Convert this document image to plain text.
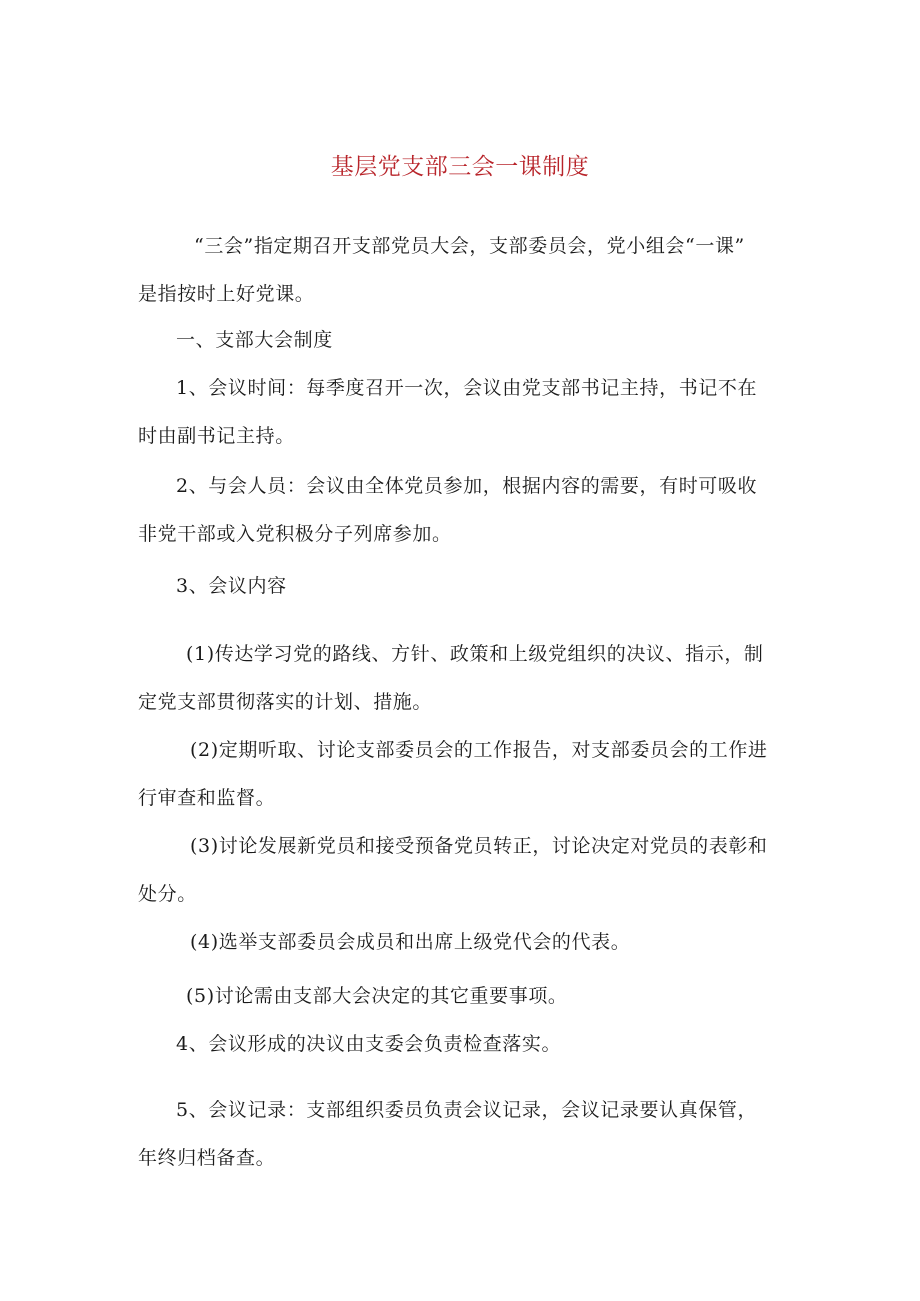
基层党支部三会一课制度
“三会”指定期召开支部党员大会，支部委员会，党小组会“一课”
是指按时上好党课。
一、支部大会制度
1、会议时间：每季度召开一次，会议由党支部书记主持，书记不在
时由副书记主持。
2、与会人员：会议由全体党员参加，根据内容的需要，有时可吸收
非党干部或入党积极分子列席参加。
3、会议内容
(1)传达学习党的路线、方针、政策和上级党组织的决议、指示，制
定党支部贯彻落实的计划、措施。
(2)定期听取、讨论支部委员会的工作报告，对支部委员会的工作进
行审查和监督。
(3)讨论发展新党员和接受预备党员转正，讨论决定对党员的表彰和
处分。
(4)选举支部委员会成员和出席上级党代会的代表。
(5)讨论需由支部大会决定的其它重要事项。
4、会议形成的决议由支委会负责检查落实。
5、会议记录：支部组织委员负责会议记录，会议记录要认真保管，
年终归档备查。
